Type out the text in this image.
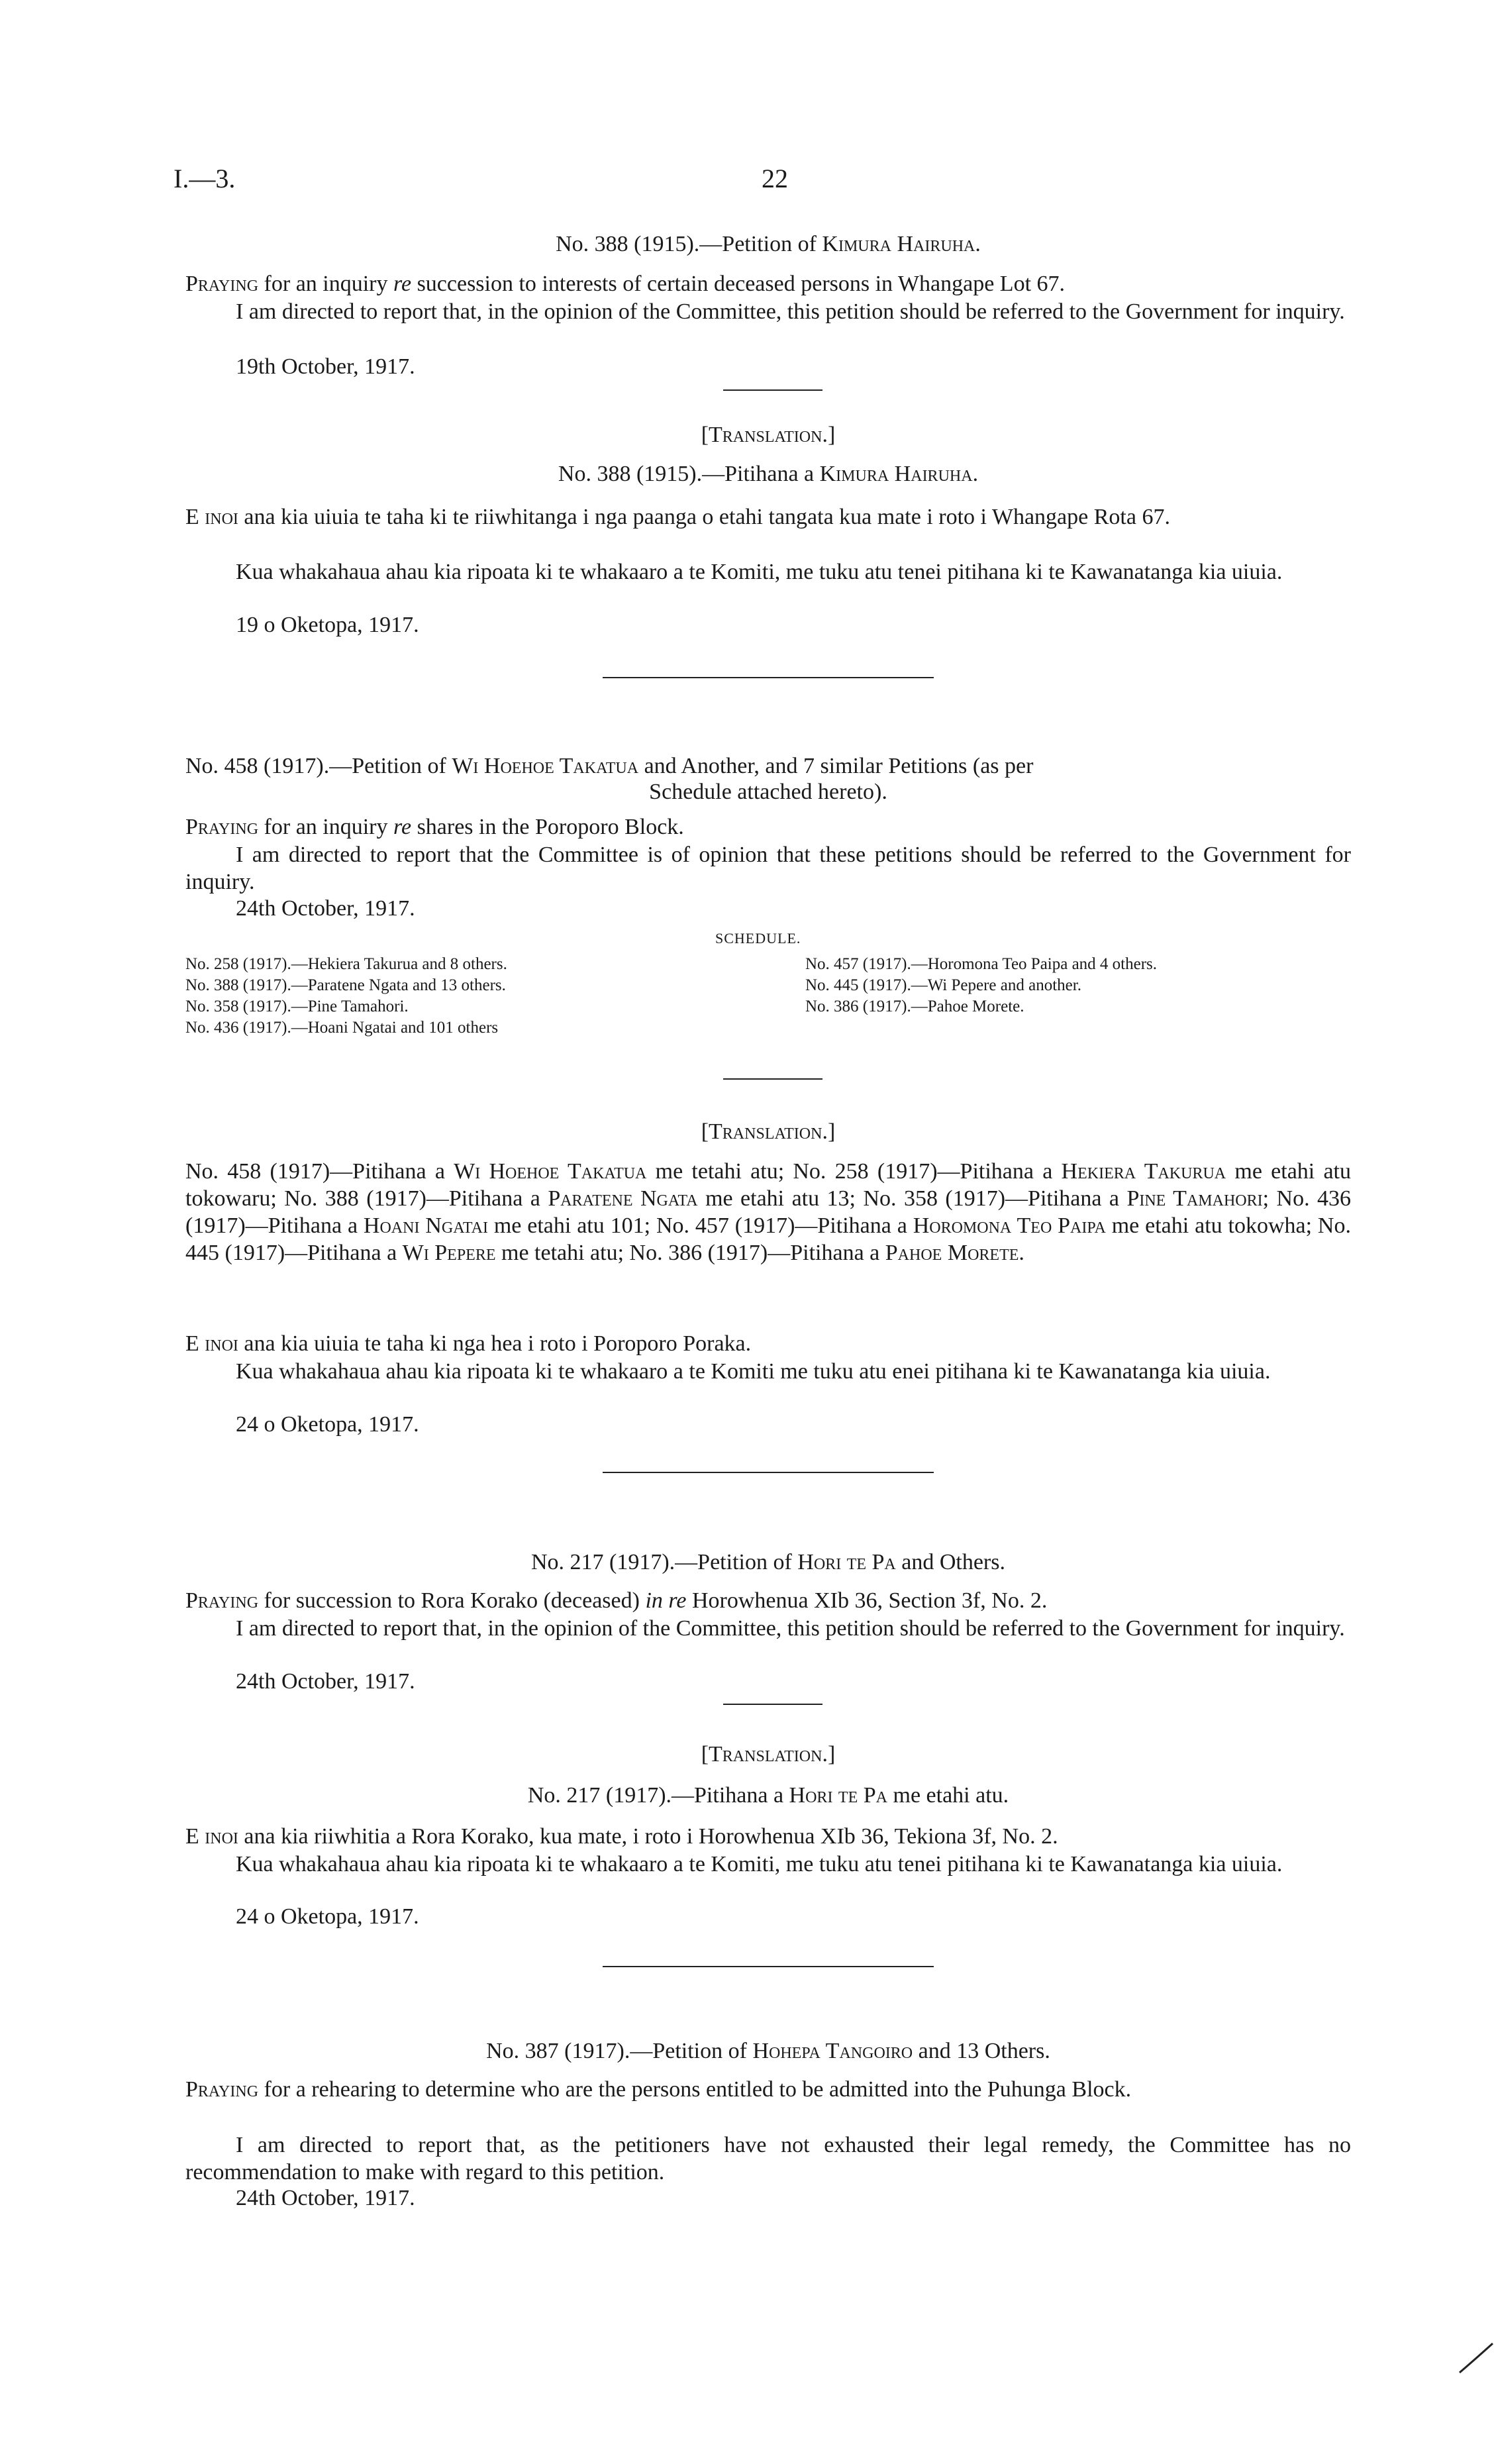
I.—3.	22
No. 388 (1915).—Petition of Kimura Hairuha.
Praying for an inquiry re succession to interests of certain deceased persons in Whangape Lot 67.
I am directed to report that, in the opinion of the Committee, this petition should be referred to the Government for inquiry.
19th October, 1917.
[Translation.]
No. 388 (1915).—Pitihana a Kimura Hairuha.
E inoi ana kia uiuia te taha ki te riiwhitanga i nga paanga o etahi tangata kua mate i roto i Whangape Rota 67.
Kua whakahaua ahau kia ripoata ki te whakaaro a te Komiti, me tuku atu tenei pitihana ki te Kawanatanga kia uiuia.
19 o Oketopa, 1917.
No. 458 (1917).—Petition of Wi Hoehoe Takatua and Another, and 7 similar Petitions (as per
Schedule attached hereto).
Praying for an inquiry re shares in the Poroporo Block.
I am directed to report that the Committee is of opinion that these petitions should be referred to the Government for inquiry.
24th October, 1917.
SCHEDULE.
No. 258 (1917).—Hekiera Takurua and 8 others.
No. 388 (1917).—Paratene Ngata and 13 others.
No. 358 (1917).—Pine Tamahori.
No. 436 (1917).—Hoani Ngatai and 101 others
No. 457 (1917).—Horomona Teo Paipa and 4 others.
No. 445 (1917).—Wi Pepere and another.
No. 386 (1917).—Pahoe Morete.
[Translation.]
No. 458 (1917)—Pitihana a Wi Hoehoe Takatua me tetahi atu; No. 258 (1917)—Pitihana a Hekiera Takurua me etahi atu tokowaru; No. 388 (1917)—Pitihana a Paratene Ngata me etahi atu 13; No. 358 (1917)—Pitihana a Pine Tamahori; No. 436 (1917)—Pitihana a Hoani Ngatai me etahi atu 101; No. 457 (1917)—Pitihana a Horomona Teo Paipa me etahi atu tokowha; No. 445 (1917)—Pitihana a Wi Pepere me tetahi atu; No. 386 (1917)—Pitihana a Pahoe Morete.
E inoi ana kia uiuia te taha ki nga hea i roto i Poroporo Poraka.
Kua whakahaua ahau kia ripoata ki te whakaaro a te Komiti me tuku atu enei pitihana ki te Kawanatanga kia uiuia.
24 o Oketopa, 1917.
No. 217 (1917).—Petition of Hori te Pa and Others.
Praying for succession to Rora Korako (deceased) in re Horowhenua XIb 36, Section 3f, No. 2.
I am directed to report that, in the opinion of the Committee, this petition should be referred to the Government for inquiry.
24th October, 1917.
[Translation.]
No. 217 (1917).—Pitihana a Hori te Pa me etahi atu.
E inoi ana kia riiwhitia a Rora Korako, kua mate, i roto i Horowhenua XIb 36, Tekiona 3f, No. 2.
Kua whakahaua ahau kia ripoata ki te whakaaro a te Komiti, me tuku atu tenei pitihana ki te Kawanatanga kia uiuia.
24 o Oketopa, 1917.
No. 387 (1917).—Petition of Hohepa Tangoiro and 13 Others.
Praying for a rehearing to determine who are the persons entitled to be admitted into the Puhunga Block.
I am directed to report that, as the petitioners have not exhausted their legal remedy, the Committee has no recommendation to make with regard to this petition.
24th October, 1917.
